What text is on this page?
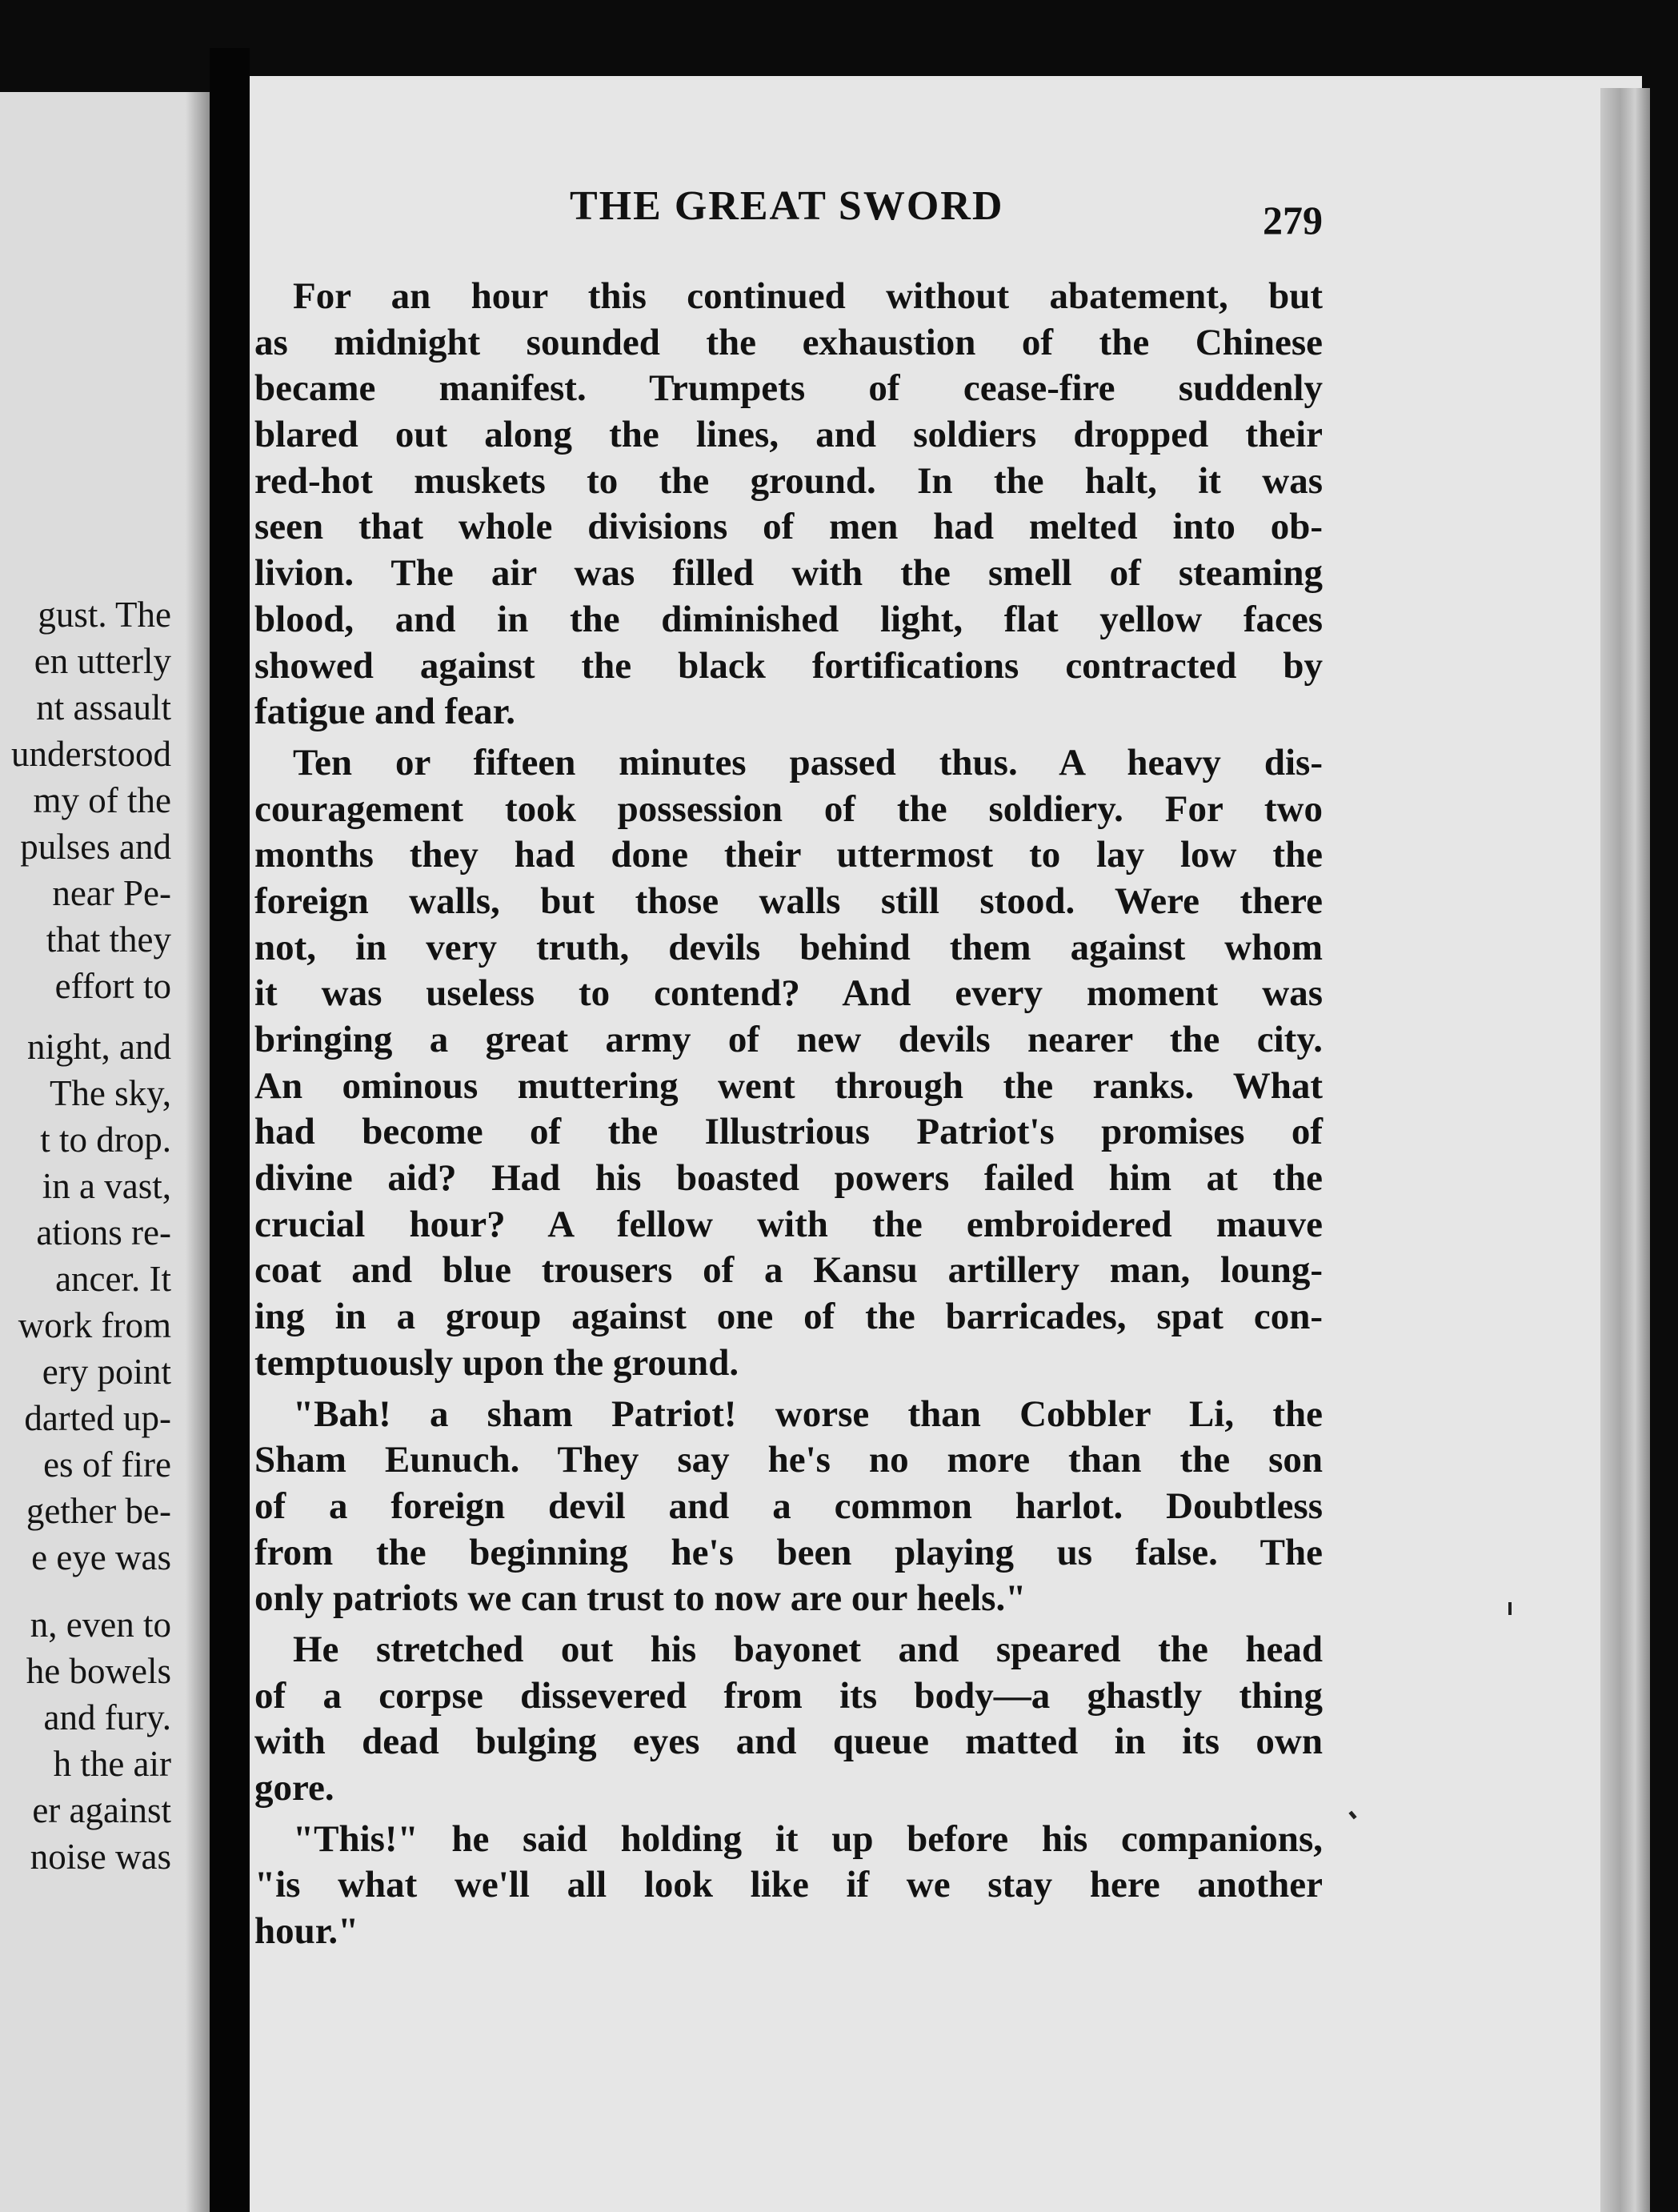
gust. The
en utterly
nt assault
understood
my of the
pulses and
near Pe-
that they
effort to
night, and
The sky,
t to drop.
in a vast,
ations re-
ancer. It
work from
ery point
darted up-
es of fire
gether be-
e eye was
n, even to
he bowels
and fury.
h the air
er against
noise was
THE GREAT SWORD	279
For an hour this continued without abatement, but
as midnight sounded the exhaustion of the Chinese
became manifest. Trumpets of cease-fire suddenly
blared out along the lines, and soldiers dropped their
red-hot muskets to the ground. In the halt, it was
seen that whole divisions of men had melted into ob-
livion. The air was filled with the smell of steaming
blood, and in the diminished light, flat yellow faces
showed against the black fortifications contracted by
fatigue and fear.
Ten or fifteen minutes passed thus. A heavy dis-
couragement took possession of the soldiery. For two
months they had done their uttermost to lay low the
foreign walls, but those walls still stood. Were there
not, in very truth, devils behind them against whom
it was useless to contend? And every moment was
bringing a great army of new devils nearer the city.
An ominous muttering went through the ranks. What
had become of the Illustrious Patriot's promises of
divine aid? Had his boasted powers failed him at the
crucial hour? A fellow with the embroidered mauve
coat and blue trousers of a Kansu artillery man, loung-
ing in a group against one of the barricades, spat con-
temptuously upon the ground.
"Bah! a sham Patriot! worse than Cobbler Li, the
Sham Eunuch. They say he's no more than the son
of a foreign devil and a common harlot. Doubtless
from the beginning he's been playing us false. The
only patriots we can trust to now are our heels."
He stretched out his bayonet and speared the head
of a corpse dissevered from its body—a ghastly thing
with dead bulging eyes and queue matted in its own
gore.
"This!" he said holding it up before his companions,
"is what we'll all look like if we stay here another
hour."
